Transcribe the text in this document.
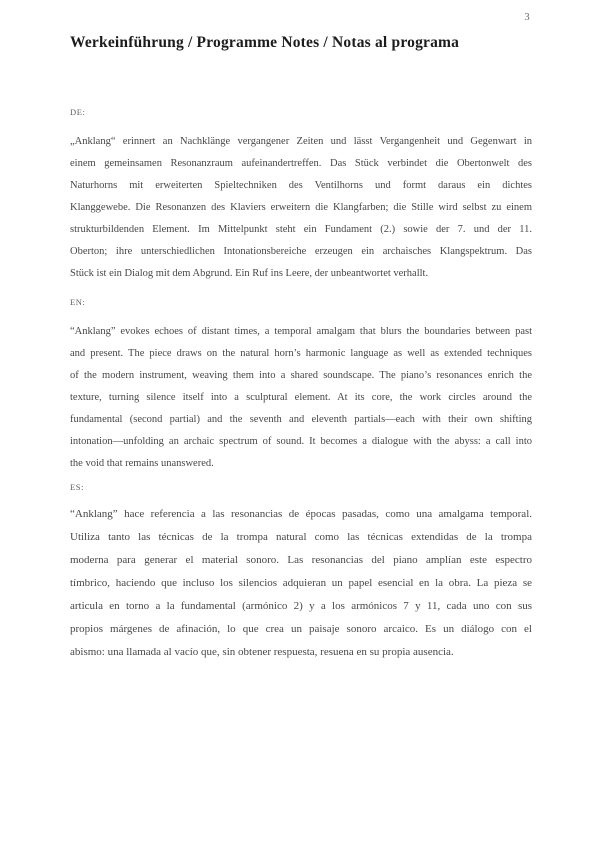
3
Werkeinführung / Programme Notes / Notas al programa
DE:
„Anklang“ erinnert an Nachklänge vergangener Zeiten und lässt Vergangenheit und Gegenwart in
einem gemeinsamen Resonanzraum aufeinandertreffen. Das Stück verbindet die Obertonwelt des
Naturhorns mit erweiterten Spieltechniken des Ventilhorns und formt daraus ein dichtes
Klanggewebe. Die Resonanzen des Klaviers erweitern die Klangfarben; die Stille wird selbst zu einem
strukturbildenden Element. Im Mittelpunkt steht ein Fundament (2.) sowie der 7. und der 11.
Oberton; ihre unterschiedlichen Intonationsbereiche erzeugen ein archaisches Klangspektrum. Das
Stück ist ein Dialog mit dem Abgrund. Ein Ruf ins Leere, der unbeantwortet verhallt.
EN:
“Anklang” evokes echoes of distant times, a temporal amalgam that blurs the boundaries between past
and present. The piece draws on the natural horn’s harmonic language as well as extended techniques
of the modern instrument, weaving them into a shared soundscape. The piano’s resonances enrich the
texture, turning silence itself into a sculptural element. At its core, the work circles around the
fundamental (second partial) and the seventh and eleventh partials—each with their own shifting
intonation—unfolding an archaic spectrum of sound. It becomes a dialogue with the abyss: a call into
the void that remains unanswered.
ES:
“Anklang” hace referencia a las resonancias de épocas pasadas, como una amalgama temporal.
Utiliza tanto las técnicas de la trompa natural como las técnicas extendidas de la trompa
moderna para generar el material sonoro. Las resonancias del piano amplían este espectro
tímbrico, haciendo que incluso los silencios adquieran un papel esencial en la obra. La pieza se
articula en torno a la fundamental (armónico 2) y a los armónicos 7 y 11, cada uno con sus
propios márgenes de afinación, lo que crea un paisaje sonoro arcaico. Es un diálogo con el
abismo: una llamada al vacío que, sin obtener respuesta, resuena en su propia ausencia.
